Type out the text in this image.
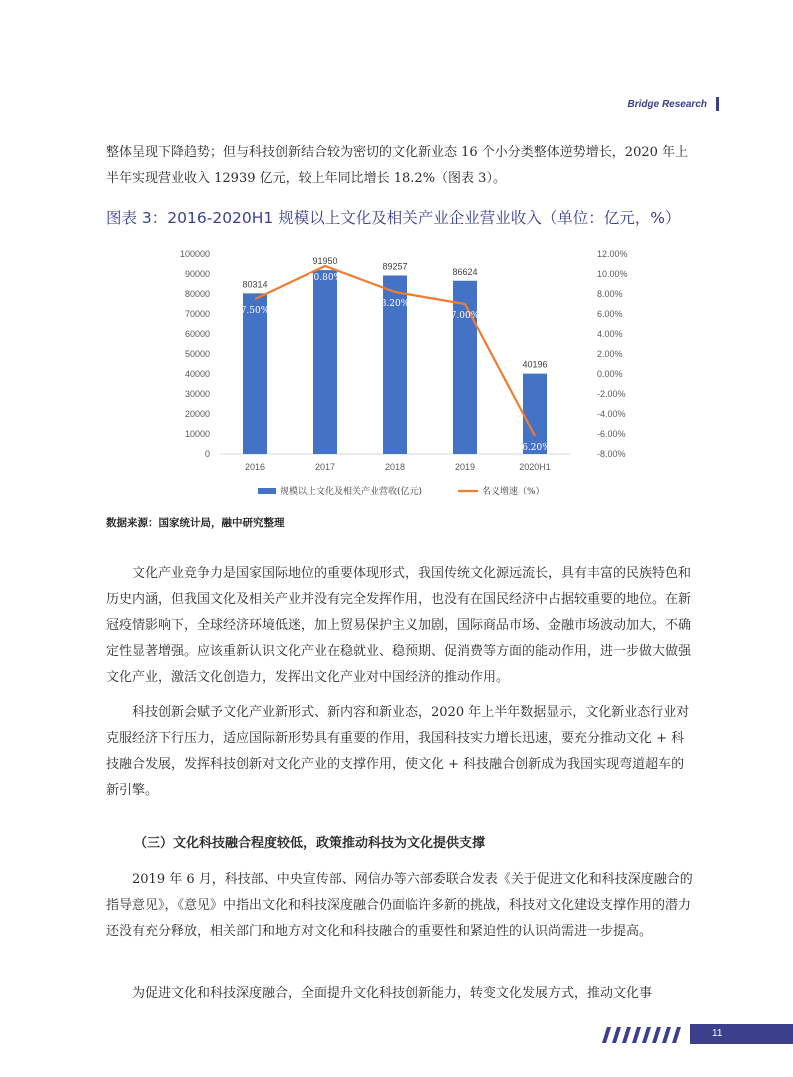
Bridge Research

整体呈现下降趋势；但与科技创新结合较为密切的文化新业态 16 个小分类整体逆势增长，2020 年上半年实现营业收入 12939 亿元，较上年同比增长 18.2%（图表 3）。

图表 3：2016-2020H1 规模以上文化及相关产业企业营业收入（单位：亿元，%）

0
10000
20000
30000
40000
50000
60000
70000
80000
90000
100000
-8.00%
-6.00%
-4.00%
-2.00%
0.00%
2.00%
4.00%
6.00%
8.00%
10.00%
12.00%
2016	2017	2018	2019	2020H1
80314
91950
89257
86624
40196
7.50%
10.80%
8.20%
7.00%
-6.20%
规模以上文化及相关产业营收(亿元)	名义增速（%）

数据来源：国家统计局，融中研究整理

文化产业竞争力是国家国际地位的重要体现形式，我国传统文化源远流长，具有丰富的民族特色和历史内涵，但我国文化及相关产业并没有完全发挥作用，也没有在国民经济中占据较重要的地位。在新冠疫情影响下，全球经济环境低迷，加上贸易保护主义加剧，国际商品市场、金融市场波动加大，不确定性显著增强。应该重新认识文化产业在稳就业、稳预期、促消费等方面的能动作用，进一步做大做强文化产业，激活文化创造力，发挥出文化产业对中国经济的推动作用。

科技创新会赋予文化产业新形式、新内容和新业态，2020 年上半年数据显示，文化新业态行业对克服经济下行压力，适应国际新形势具有重要的作用，我国科技实力增长迅速，要充分推动文化 + 科技融合发展，发挥科技创新对文化产业的支撑作用，使文化 + 科技融合创新成为我国实现弯道超车的新引擎。

（三）文化科技融合程度较低，政策推动科技为文化提供支撑

2019 年 6 月，科技部、中央宣传部、网信办等六部委联合发表《关于促进文化和科技深度融合的指导意见》，《意见》中指出文化和科技深度融合仍面临许多新的挑战，科技对文化建设支撑作用的潜力还没有充分释放，相关部门和地方对文化和科技融合的重要性和紧迫性的认识尚需进一步提高。

为促进文化和科技深度融合，全面提升文化科技创新能力，转变文化发展方式，推动文化事

11
